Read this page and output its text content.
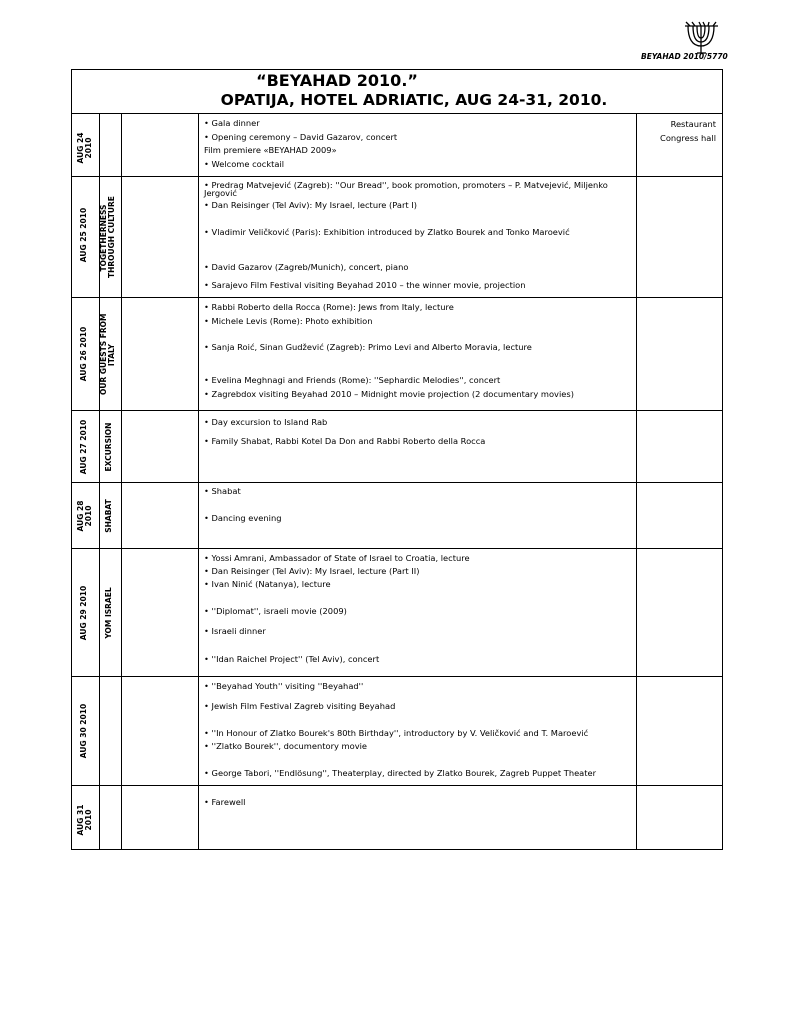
BEYAHAD 2010/5770
“BEYAHAD 2010.”
OPATIJA, HOTEL ADRIATIC, AUG 24-31, 2010.
AUG 24
2010
• Gala dinner
• Opening ceremony – David Gazarov, concert
Film premiere «BEYAHAD 2009»
• Welcome cocktail
Restaurant
Congress hall
AUG 25 2010 TOGETHERNESS
THROUGH CULTURE
• Predrag Matvejević (Zagreb): ''Our Bread'', book promotion, promoters – P. Matvejević, Miljenko Jergović
• Dan Reisinger (Tel Aviv): My Israel, lecture (Part I)
• Vladimir Veličković (Paris): Exhibition introduced by Zlatko Bourek and Tonko Maroević
• David Gazarov (Zagreb/Munich), concert, piano
• Sarajevo Film Festival visiting Beyahad 2010 – the winner movie, projection
AUG 26 2010
OUR GUESTS FROM
ITALY
• Rabbi Roberto della Rocca (Rome): Jews from Italy, lecture
• Michele Levis (Rome): Photo exhibition
• Sanja Roić, Sinan Gudžević (Zagreb): Primo Levi and Alberto Moravia, lecture
• Evelina Meghnagi and Friends (Rome): ''Sephardic Melodies'', concert
• Zagrebdox visiting Beyahad 2010 – Midnight movie projection (2 documentary movies)
AUG 27 2010 EXCURSION
• Day excursion to Island Rab
• Family Shabat, Rabbi Kotel Da Don and Rabbi Roberto della Rocca
AUG 28
2010 SHABAT
• Shabat
• Dancing evening
AUG 29 2010 YOM ISRAEL
• Yossi Amrani, Ambassador of State of Israel to Croatia, lecture
• Dan Reisinger (Tel Aviv): My Israel, lecture (Part II)
• Ivan Ninić (Natanya), lecture
• ''Diplomat'', israeli movie (2009)
• Israeli dinner
• ''Idan Raichel Project'' (Tel Aviv), concert
AUG 30 2010
• ''Beyahad Youth'' visiting ''Beyahad''
• Jewish Film Festival Zagreb visiting Beyahad
• ''In Honour of Zlatko Bourek's 80th Birthday'', introductory by V. Veličković and T. Maroević
• ''Zlatko Bourek'', documentory movie
• George Tabori, ''Endlösung'', Theaterplay, directed by Zlatko Bourek, Zagreb Puppet Theater
AUG 31
2010
• Farewell
